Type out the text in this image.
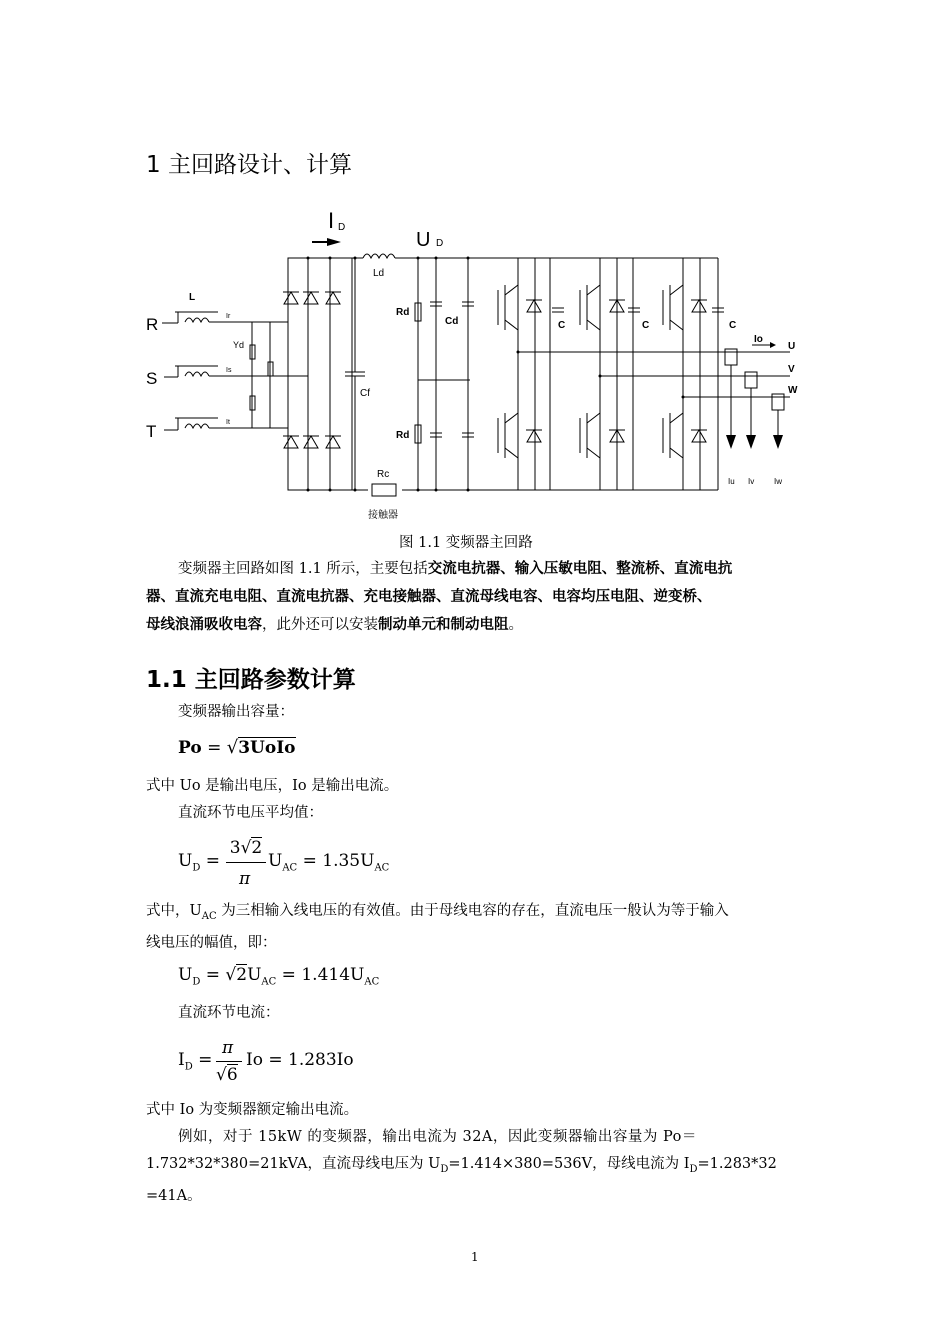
1 主回路设计、计算
I D
U D
Ld
L
R
S
T
Ir
Is
It
Yd
Cf
Rd
Rd
Cd	C	C	C
Rc
接触器
Io
U
V
W
Iu Iv Iw
图 1.1 变频器主回路
变频器主回路如图 1.1 所示，主要包括交流电抗器、输入压敏电阻、整流桥、直流电抗
器、直流充电电阻、直流电抗器、充电接触器、直流母线电容、电容均压电阻、逆变桥、
母线浪涌吸收电容，此外还可以安装制动单元和制动电阻。
1.1 主回路参数计算
变频器输出容量：
Po = √3UoIo
式中 Uo 是输出电压，Io 是输出电流。
直流环节电压平均值：
$U_D$ =
3√2
π
$U_{AC} = 1.35U_{AC}$
式中，$U_{AC}$ 为三相输入线电压的有效值。由于母线电容的存在，直流电压一般认为等于输入
线电压的幅值，即：
$U_D = √2U_{AC} = 1.414U_{AC}$
直流环节电流：
$I_D$ =
π
√6
Io = 1.283Io
式中 Io 为变频器额定输出电流。
例如，对于 15kW 的变频器，输出电流为 32A，因此变频器输出容量为 Po＝
1.732*32*380=21kVA，直流母线电压为 $U_D=1.414\times 380=536V$，母线电流为 $I_D=1.283*32$
=41A。
1
